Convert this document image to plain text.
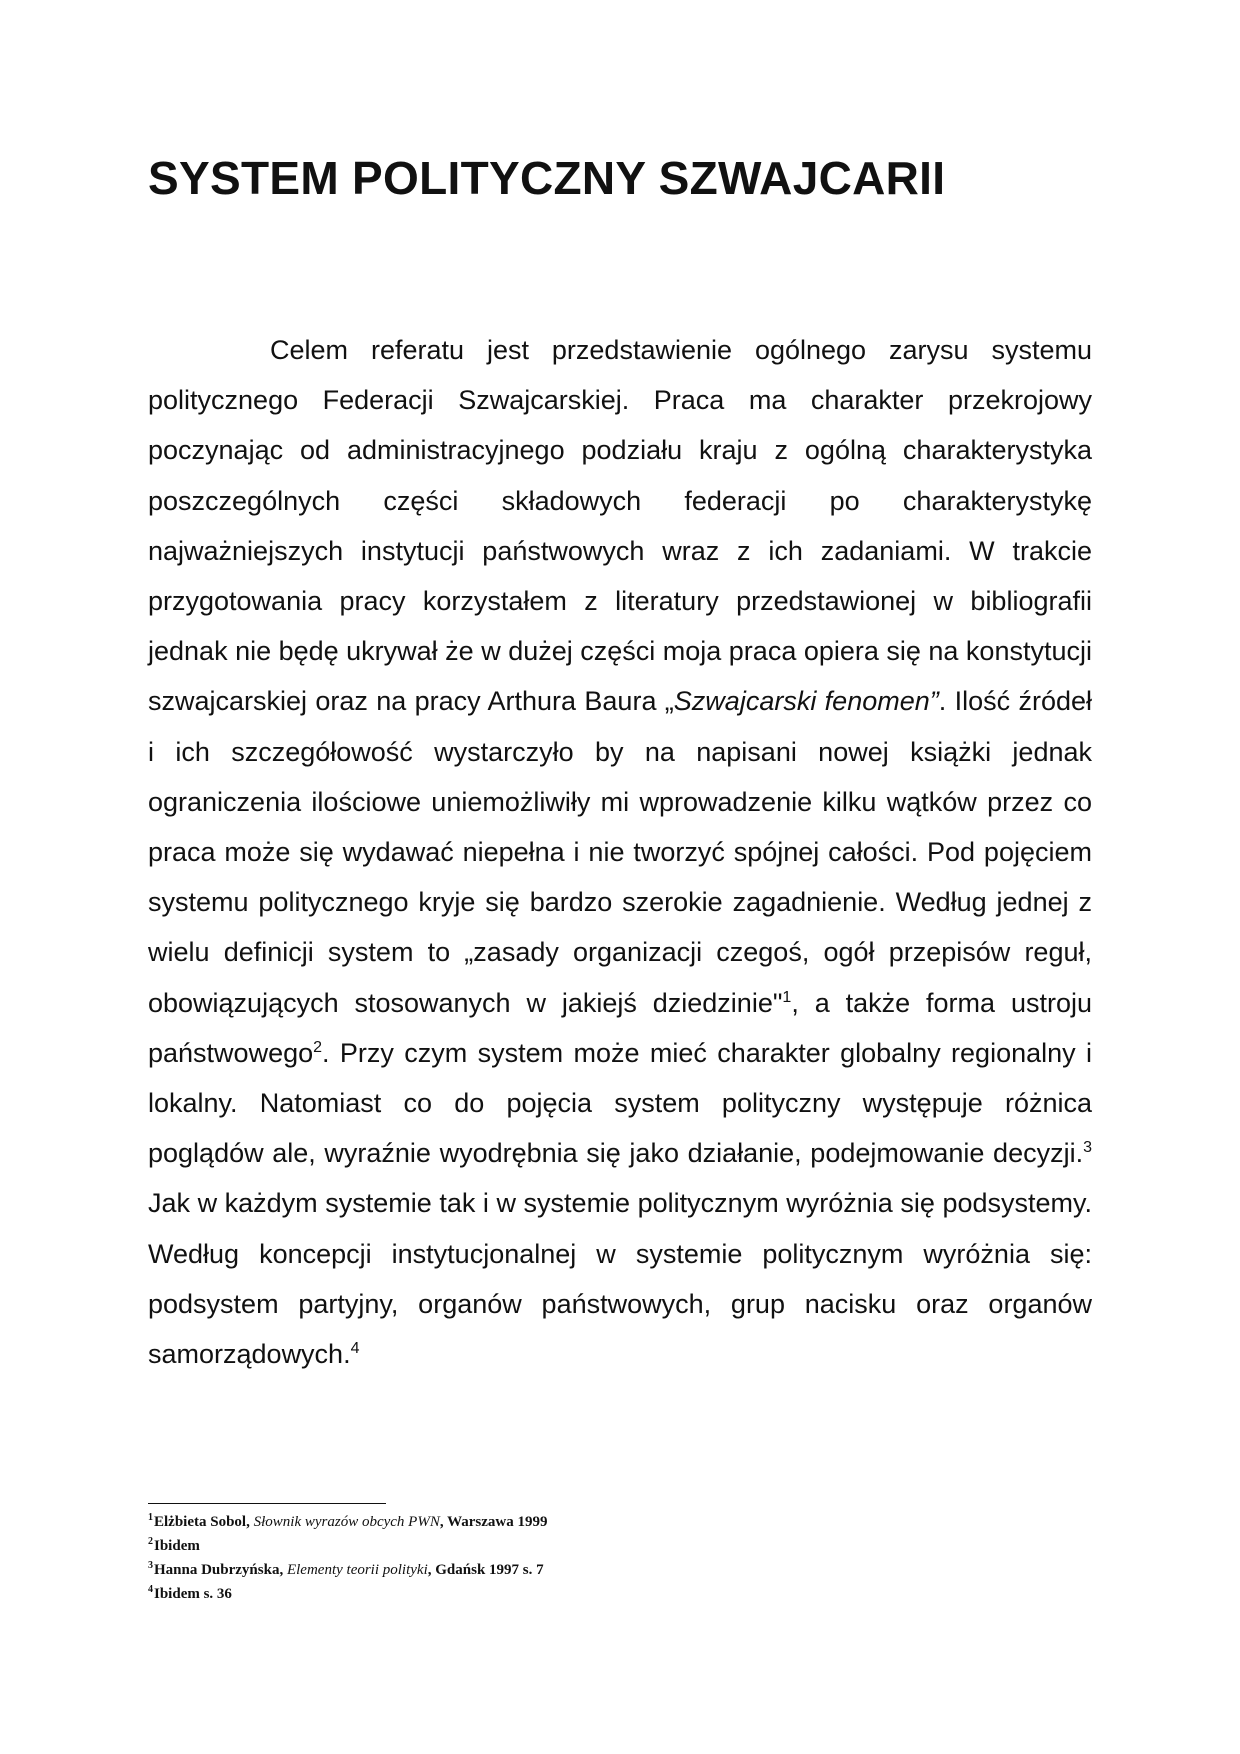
SYSTEM POLITYCZNY SZWAJCARII

Celem referatu jest przedstawienie ogólnego zarysu systemu politycznego Federacji Szwajcarskiej. Praca ma charakter przekrojowy poczynając od administracyjnego podziału kraju z ogólną charakterystyka poszczególnych części składowych federacji po charakterystykę najważniejszych instytucji państwowych wraz z ich zadaniami. W trakcie przygotowania pracy korzystałem z literatury przedstawionej w bibliografii jednak nie będę ukrywał że w dużej części moja praca opiera się na konstytucji szwajcarskiej oraz na pracy Arthura Baura „Szwajcarski fenomen”. Ilość źródeł i ich szczegółowość wystarczyło by na napisani nowej książki jednak ograniczenia ilościowe uniemożliwiły mi wprowadzenie kilku wątków przez co praca może się wydawać niepełna i nie tworzyć spójnej całości. Pod pojęciem systemu politycznego kryje się bardzo szerokie zagadnienie. Według jednej z wielu definicji system to „zasady organizacji czegoś, ogół przepisów reguł, obowiązujących stosowanych w jakiejś dziedzinie"$^1$, a także forma ustroju państwowego$^2$. Przy czym system może mieć charakter globalny regionalny i lokalny. Natomiast co do pojęcia system polityczny występuje różnica poglądów ale, wyraźnie wyodrębnia się jako działanie, podejmowanie decyzji.$^3$ Jak w każdym systemie tak i w systemie politycznym wyróżnia się podsystemy. Według koncepcji instytucjonalnej w systemie politycznym wyróżnia się: podsystem partyjny, organów państwowych, grup nacisku oraz organów samorządowych.$^4$

$^1$Elżbieta Sobol, Słownik wyrazów obcych PWN, Warszawa 1999
$^2$Ibidem
$^3$Hanna Dubrzyńska, Elementy teorii polityki, Gdańsk 1997 s. 7
$^4$Ibidem s. 36
